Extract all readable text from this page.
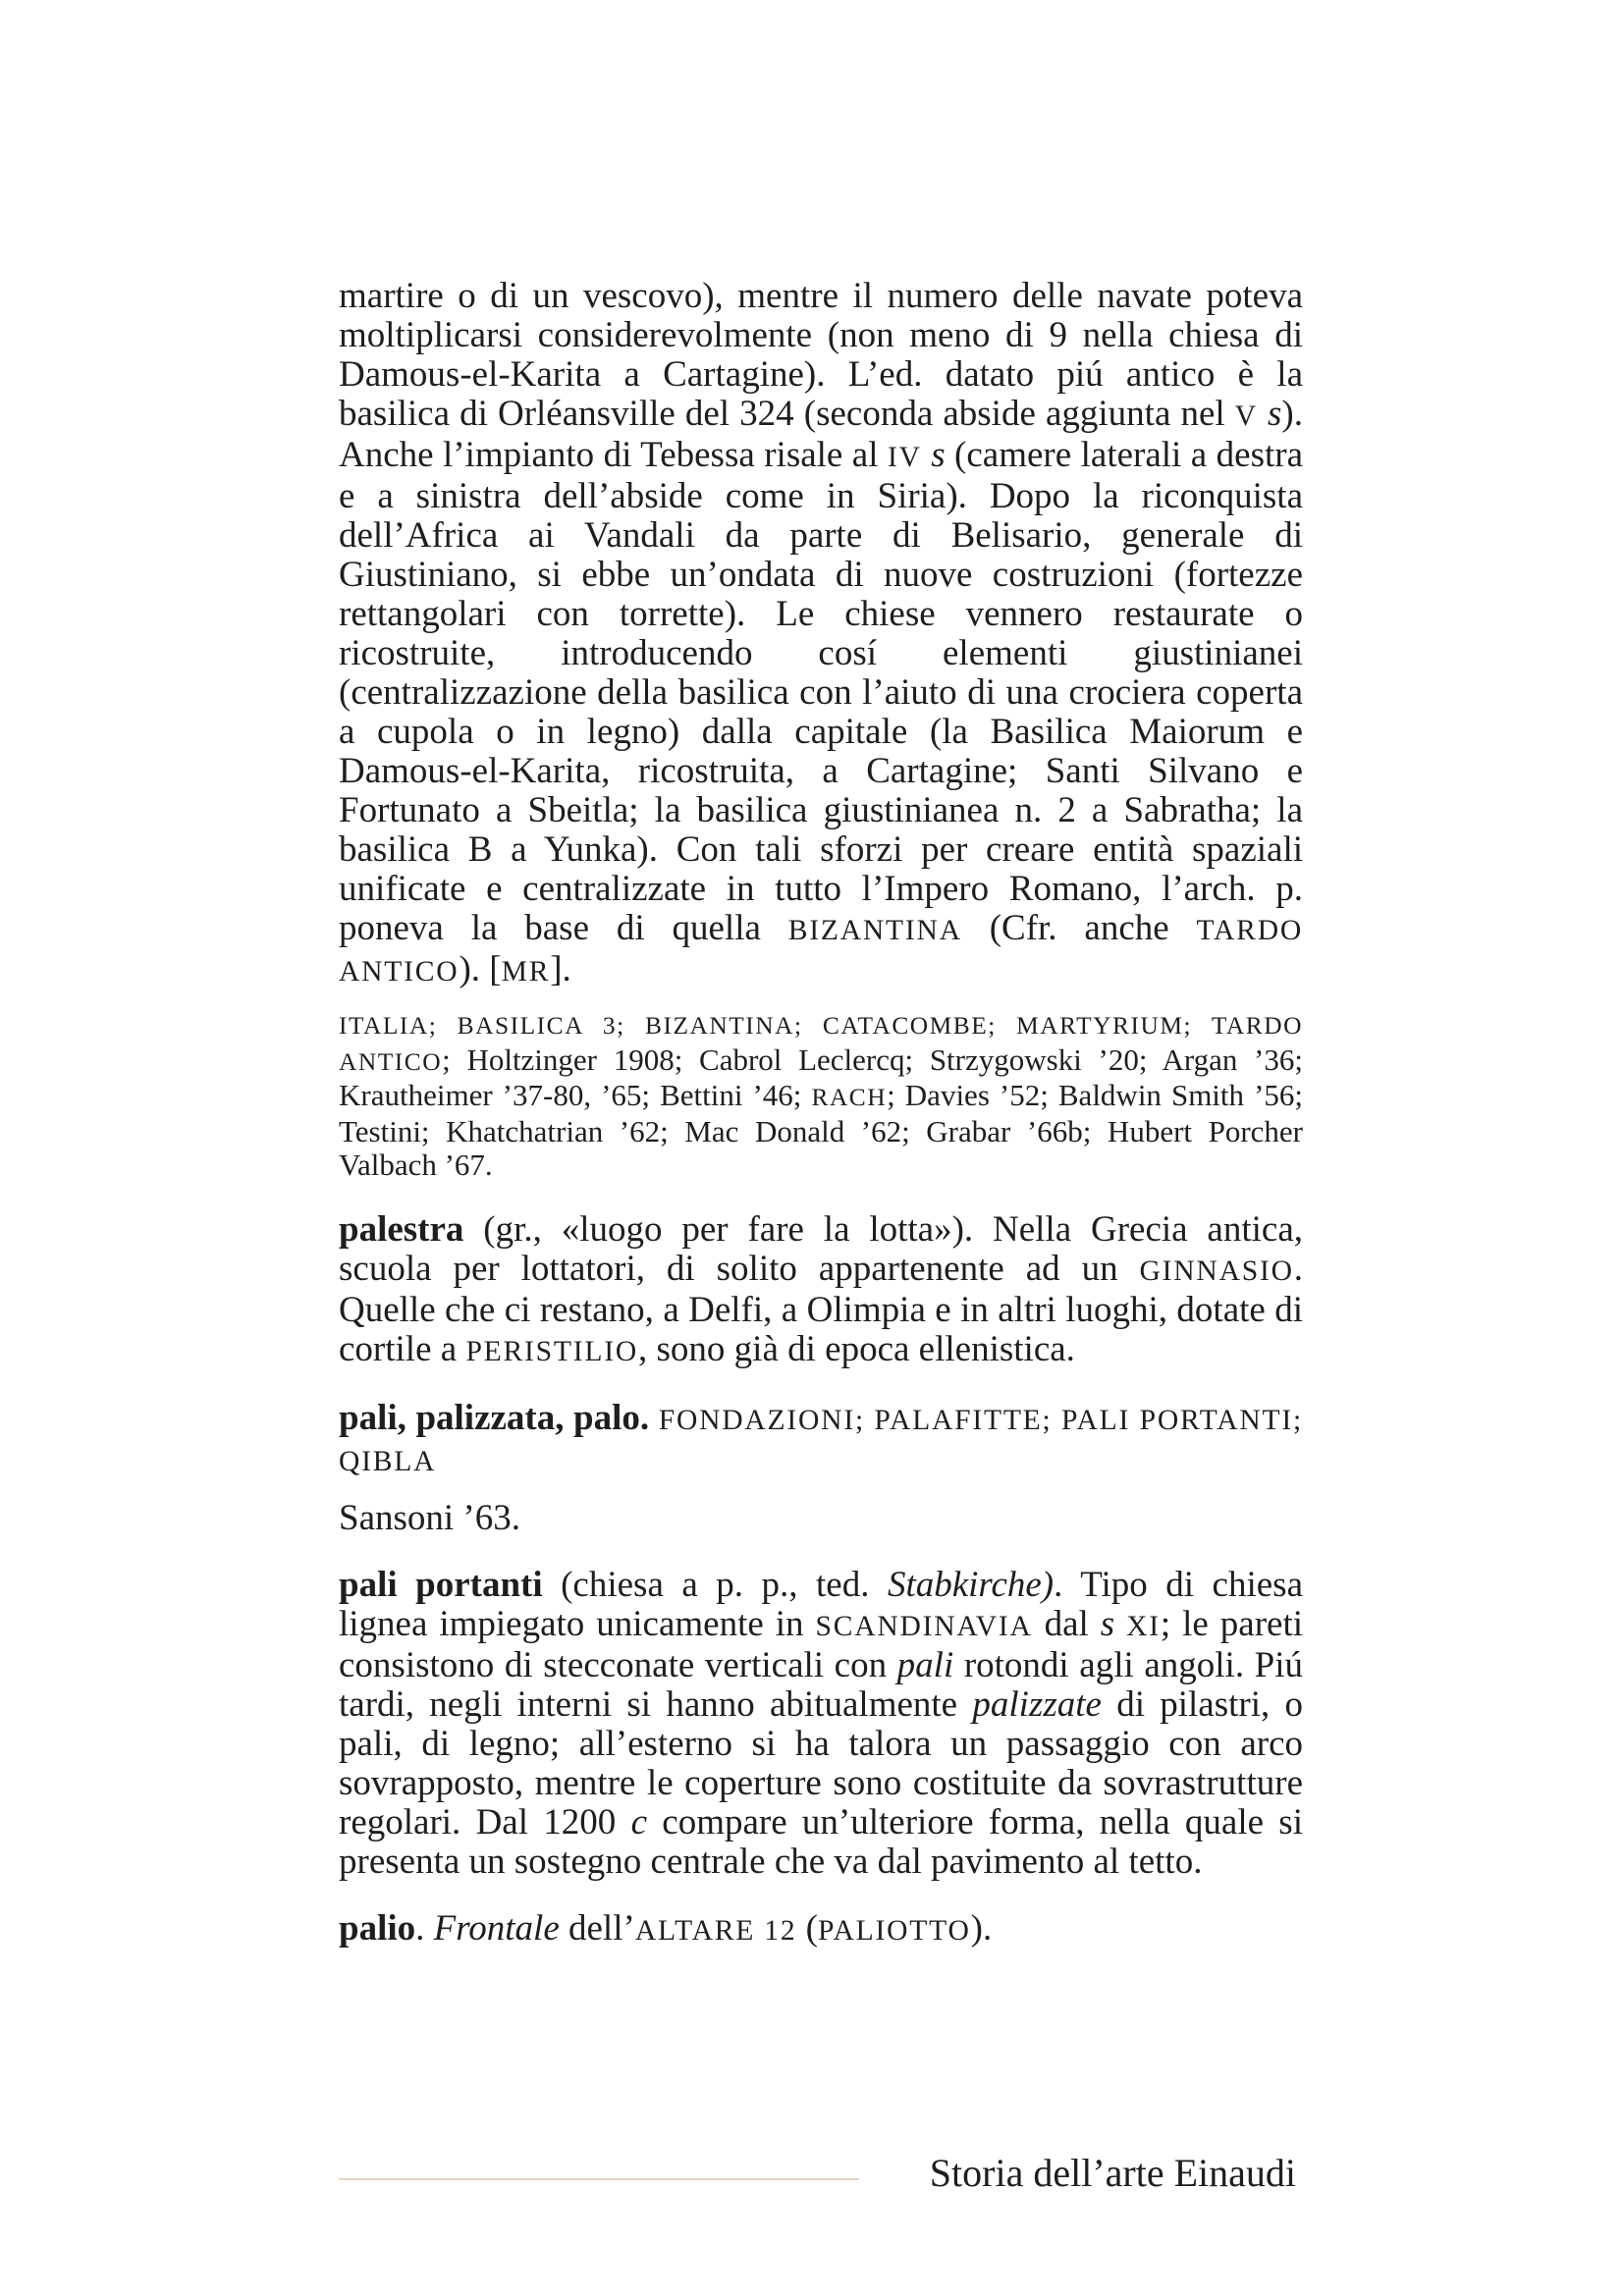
martire o di un vescovo), mentre il numero delle navate poteva moltiplicarsi considerevolmente (non meno di 9 nella chiesa di Damous-el-Karita a Cartagine). L’ed. datato piú antico è la basilica di Orléansville del 324 (seconda abside aggiunta nel V s). Anche l’impianto di Tebessa risale al IV s (camere laterali a destra e a sinistra dell’abside come in Siria). Dopo la riconquista dell’Africa ai Vandali da parte di Belisario, generale di Giustiniano, si ebbe un’ondata di nuove costruzioni (fortezze rettangolari con torrette). Le chiese vennero restaurate o ricostruite, introducendo cosí elementi giustinianei (centralizzazione della basilica con l’aiuto di una crociera coperta a cupola o in legno) dalla capitale (la Basilica Maiorum e Damous-el-Karita, ricostruita, a Cartagine; Santi Silvano e Fortunato a Sbeitla; la basilica giustinianea n. 2 a Sabratha; la basilica B a Yunka). Con tali sforzi per creare entità spaziali unificate e centralizzate in tutto l’Impero Romano, l’arch. p. poneva la base di quella BIZANTINA (Cfr. anche TARDO ANTICO). [MR].

ITALIA; BASILICA 3; BIZANTINA; CATACOMBE; MARTYRIUM; TARDO ANTICO; Holtzinger 1908; Cabrol Leclercq; Strzygowski ’20; Argan ’36; Krautheimer ’37-80, ’65; Bettini ’46; RACH; Davies ’52; Baldwin Smith ’56; Testini; Khatchatrian ’62; Mac Donald ’62; Grabar ’66b; Hubert Porcher Valbach ’67.

palestra (gr., «luogo per fare la lotta»). Nella Grecia antica, scuola per lottatori, di solito appartenente ad un GINNASIO. Quelle che ci restano, a Delfi, a Olimpia e in altri luoghi, dotate di cortile a PERISTILIO, sono già di epoca ellenistica.

pali, palizzata, palo. FONDAZIONI; PALAFITTE; PALI PORTANTI; QIBLA

Sansoni ’63.

pali portanti (chiesa a p. p., ted. Stabkirche). Tipo di chiesa lignea impiegato unicamente in SCANDINAVIA dal s XI; le pareti consistono di stecconate verticali con pali rotondi agli angoli. Piú tardi, negli interni si hanno abitualmente palizzate di pilastri, o pali, di legno; all’esterno si ha talora un passaggio con arco sovrapposto, mentre le coperture sono costituite da sovrastrutture regolari. Dal 1200 c compare un’ulteriore forma, nella quale si presenta un sostegno centrale che va dal pavimento al tetto.

palio. Frontale dell’ALTARE 12 (PALIOTTO).

Storia dell’arte Einaudi
